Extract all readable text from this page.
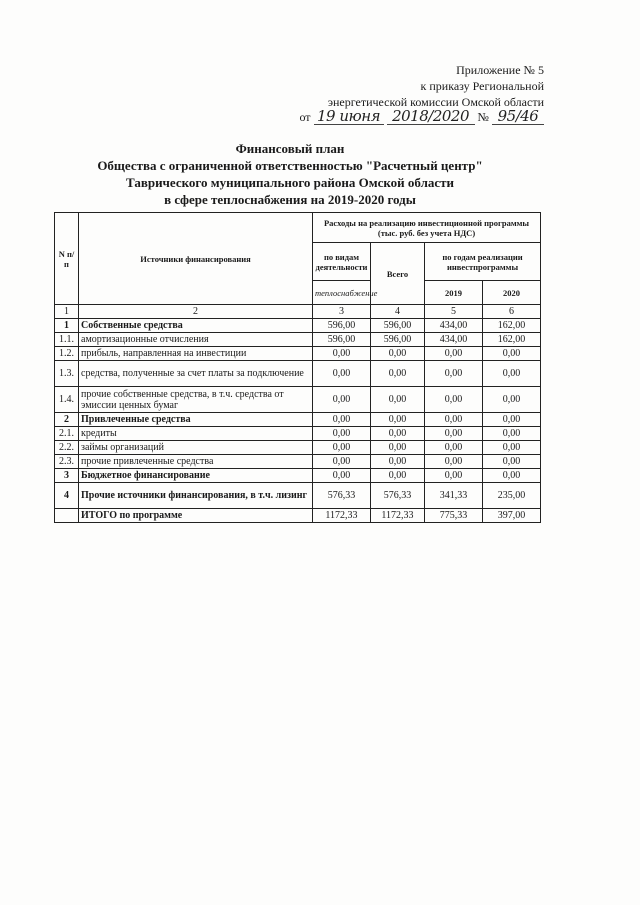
Приложение № 5
к приказу Региональной
энергетической комиссии Омской области
от 19 июня 2018/2020 № 95/46
Финансовый план
Общества с ограниченной ответственностью "Расчетный центр"
Таврического муниципального района Омской области
в сфере теплоснабжения на 2019-2020 годы
N п/п	Источники финансирования	Расходы на реализацию инвестиционной программы (тыс. руб. без учета НДС)			
		по видам деятельности	Всего	по годам реализации инвестпрограммы	
		теплоснабжение		2019	2020
1	2	3	4	5	6
1	Собственные средства	596,00	596,00	434,00	162,00
1.1.	амортизационные отчисления	596,00	596,00	434,00	162,00
1.2.	прибыль, направленная на инвестиции	0,00	0,00	0,00	0,00
1.3.	средства, полученные за счет платы за подключение	0,00	0,00	0,00	0,00
1.4.	прочие собственные средства, в т.ч. средства от эмиссии ценных бумаг	0,00	0,00	0,00	0,00
2	Привлеченные средства	0,00	0,00	0,00	0,00
2.1.	кредиты	0,00	0,00	0,00	0,00
2.2.	займы организаций	0,00	0,00	0,00	0,00
2.3.	прочие привлеченные средства	0,00	0,00	0,00	0,00
3	Бюджетное финансирование	0,00	0,00	0,00	0,00
4	Прочие источники финансирования, в т.ч. лизинг	576,33	576,33	341,33	235,00
	ИТОГО по программе	1172,33	1172,33	775,33	397,00
